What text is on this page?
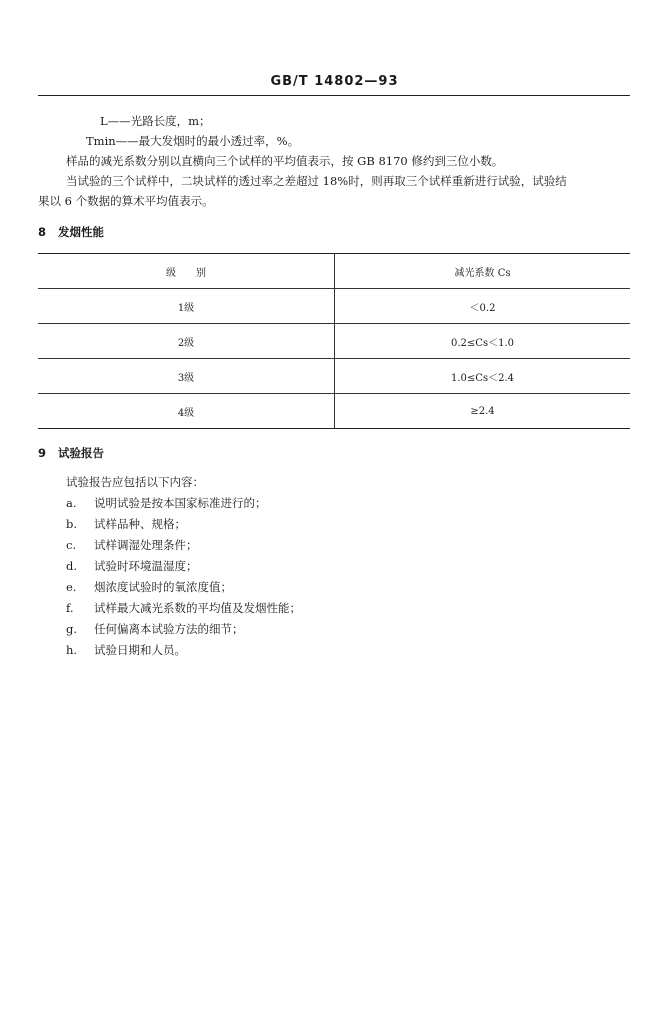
GB/T 14802—93
L——光路长度，m；
Tmin——最大发烟时的最小透过率，%。
样品的减光系数分别以直横向三个试样的平均值表示，按 GB 8170 修约到三位小数。
当试验的三个试样中，二块试样的透过率之差超过 18%时，则再取三个试样重新进行试验，试验结
果以 6 个数据的算术平均值表示。
8 发烟性能
级　　别	减光系数 Cs
1级	＜0.2
2级	0.2≤Cs＜1.0
3级	1.0≤Cs＜2.4
4级	≥2.4
9 试验报告
试验报告应包括以下内容：
a. 说明试验是按本国家标准进行的；
b. 试样品种、规格；
c. 试样调湿处理条件；
d. 试验时环境温湿度；
e. 烟浓度试验时的氧浓度值；
f. 试样最大减光系数的平均值及发烟性能；
g. 任何偏离本试验方法的细节；
h. 试验日期和人员。
